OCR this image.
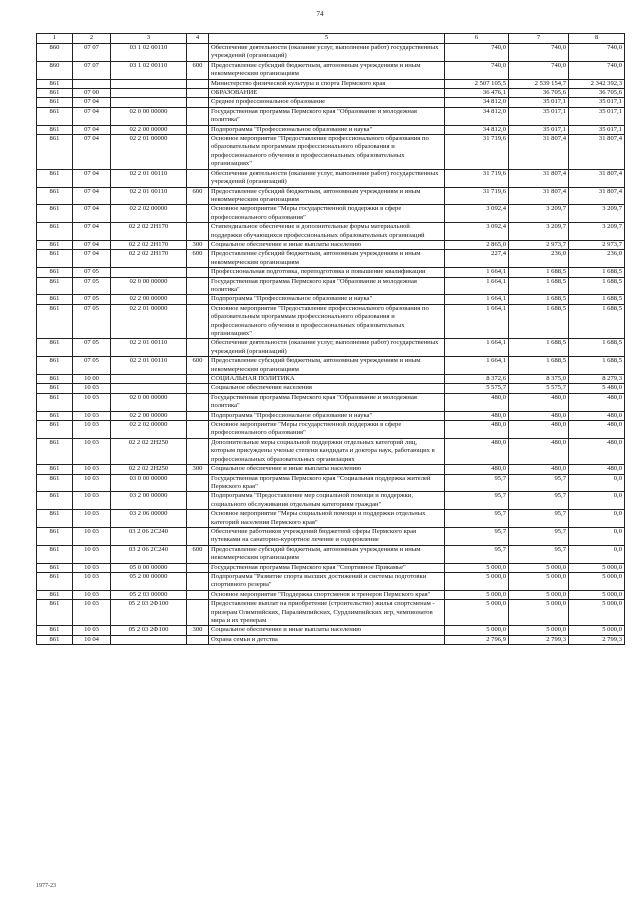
74
1	2	3	4	5	6	7	8
860	07 07	03 1 02 00110		Обеспечение деятельности (оказание услуг, выполнение работ) государственных учреждений (организаций)	740,0	740,0	740,0
860	07 07	03 1 02 00110	600	Предоставление субсидий бюджетным, автономным учреждениям и иным некоммерческим организациям	740,0	740,0	740,0
861				Министерство физической культуры и спорта Пермского края	2 507 105,5	2 539 154,7	2 342 392,3
861	07 00			ОБРАЗОВАНИЕ	36 476,1	36 705,6	36 705,6
861	07 04			Среднее профессиональное образование	34 812,0	35 017,1	35 017,1
861	07 04	02 0 00 00000		Государственная программа Пермского края "Образование и молодежная политика"	34 812,0	35 017,1	35 017,1
861	07 04	02 2 00 00000		Подпрограмма "Профессиональное образование и наука"	34 812,0	35 017,1	35 017,1
861	07 04	02 2 01 00000		Основное мероприятие "Предоставление профессионального образования по образовательным программам профессионального образования и профессионального обучения в профессиональных образовательных организациях"	31 719,6	31 807,4	31 807,4
861	07 04	02 2 01 00110		Обеспечение деятельности (оказание услуг, выполнение работ) государственных учреждений (организаций)	31 719,6	31 807,4	31 807,4
861	07 04	02 2 01 00110	600	Предоставление субсидий бюджетным, автономным учреждениям и иным некоммерческим организациям	31 719,6	31 807,4	31 807,4
861	07 04	02 2 02 00000		Основное мероприятие "Меры государственной поддержки в сфере профессионального образования"	3 092,4	3 209,7	3 209,7
861	07 04	02 2 02 2Н170		Стипендиальное обеспечение и дополнительные формы материальной поддержки обучающихся профессиональных образовательных организаций	3 092,4	3 209,7	3 209,7
861	07 04	02 2 02 2Н170	300	Социальное обеспечение и иные выплаты населению	2 865,0	2 973,7	2 973,7
861	07 04	02 2 02 2Н170	600	Предоставление субсидий бюджетным, автономным учреждениям и иным некоммерческим организациям	227,4	236,0	236,0
861	07 05			Профессиональная подготовка, переподготовка и повышение квалификации	1 664,1	1 688,5	1 688,5
861	07 05	02 0 00 00000		Государственная программа Пермского края "Образование и молодежная политика"	1 664,1	1 688,5	1 688,5
861	07 05	02 2 00 00000		Подпрограмма "Профессиональное образование и наука"	1 664,1	1 688,5	1 688,5
861	07 05	02 2 01 00000		Основное мероприятие "Предоставление профессионального образования по образовательным программам профессионального образования и профессионального обучения в профессиональных образовательных организациях"	1 664,1	1 688,5	1 688,5
861	07 05	02 2 01 00110		Обеспечение деятельности (оказание услуг, выполнение работ) государственных учреждений (организаций)	1 664,1	1 688,5	1 688,5
861	07 05	02 2 01 00110	600	Предоставление субсидий бюджетным, автономным учреждениям и иным некоммерческим организациям	1 664,1	1 688,5	1 688,5
861	10 00			СОЦИАЛЬНАЯ ПОЛИТИКА	8 372,6	8 375,0	8 279,3
861	10 03			Социальное обеспечение населения	5 575,7	5 575,7	5 480,0
861	10 03	02 0 00 00000		Государственная программа Пермского края "Образование и молодежная политика"	480,0	480,0	480,0
861	10 03	02 2 00 00000		Подпрограмма "Профессиональное образование и наука"	480,0	480,0	480,0
861	10 03	02 2 02 00000		Основное мероприятие "Меры государственной поддержки в сфере профессионального образования"	480,0	480,0	480,0
861	10 03	02 2 02 2Н250		Дополнительные меры социальной поддержки отдельных категорий лиц, которым присуждены ученые степени кандидата и доктора наук, работающих в профессиональных образовательных организациях	480,0	480,0	480,0
861	10 03	02 2 02 2Н250	300	Социальное обеспечение и иные выплаты населению	480,0	480,0	480,0
861	10 03	03 0 00 00000		Государственная программа Пермского края "Социальная поддержка жителей Пермского края"	95,7	95,7	0,0
861	10 03	03 2 00 00000		Подпрограмма "Предоставление мер социальной помощи и поддержки, социального обслуживания отдельным категориям граждан"	95,7	95,7	0,0
861	10 03	03 2 06 00000		Основное мероприятие "Меры социальной помощи и поддержки отдельных категорий населения Пермского края"	95,7	95,7	0,0
861	10 03	03 2 06 2С240		Обеспечение работников учреждений бюджетной сферы Пермского края путевками на санаторно-курортное лечение и оздоровление	95,7	95,7	0,0
861	10 03	03 2 06 2С240	600	Предоставление субсидий бюджетным, автономным учреждениям и иным некоммерческим организациям	95,7	95,7	0,0
861	10 03	05 0 00 00000		Государственная программа Пермского края "Спортивное Прикамье"	5 000,0	5 000,0	5 000,0
861	10 03	05 2 00 00000		Подпрограмма "Развитие спорта высших достижений и системы подготовки спортивного резерва"	5 000,0	5 000,0	5 000,0
861	10 03	05 2 03 00000		Основное мероприятие "Поддержка спортсменов и тренеров Пермского края"	5 000,0	5 000,0	5 000,0
861	10 03	05 2 03 2Ф100		Предоставление выплат на приобретение (строительство) жилья спортсменам - призерам Олимпийских, Паралимпийских, Сурдлимпийских игр, чемпионатов мира и их тренерам	5 000,0	5 000,0	5 000,0
861	10 03	05 2 03 2Ф100	300	Социальное обеспечение и иные выплаты населению	5 000,0	5 000,0	5 000,0
861	10 04			Охрана семьи и детства	2 796,9	2 799,3	2 799,3
1977-23
